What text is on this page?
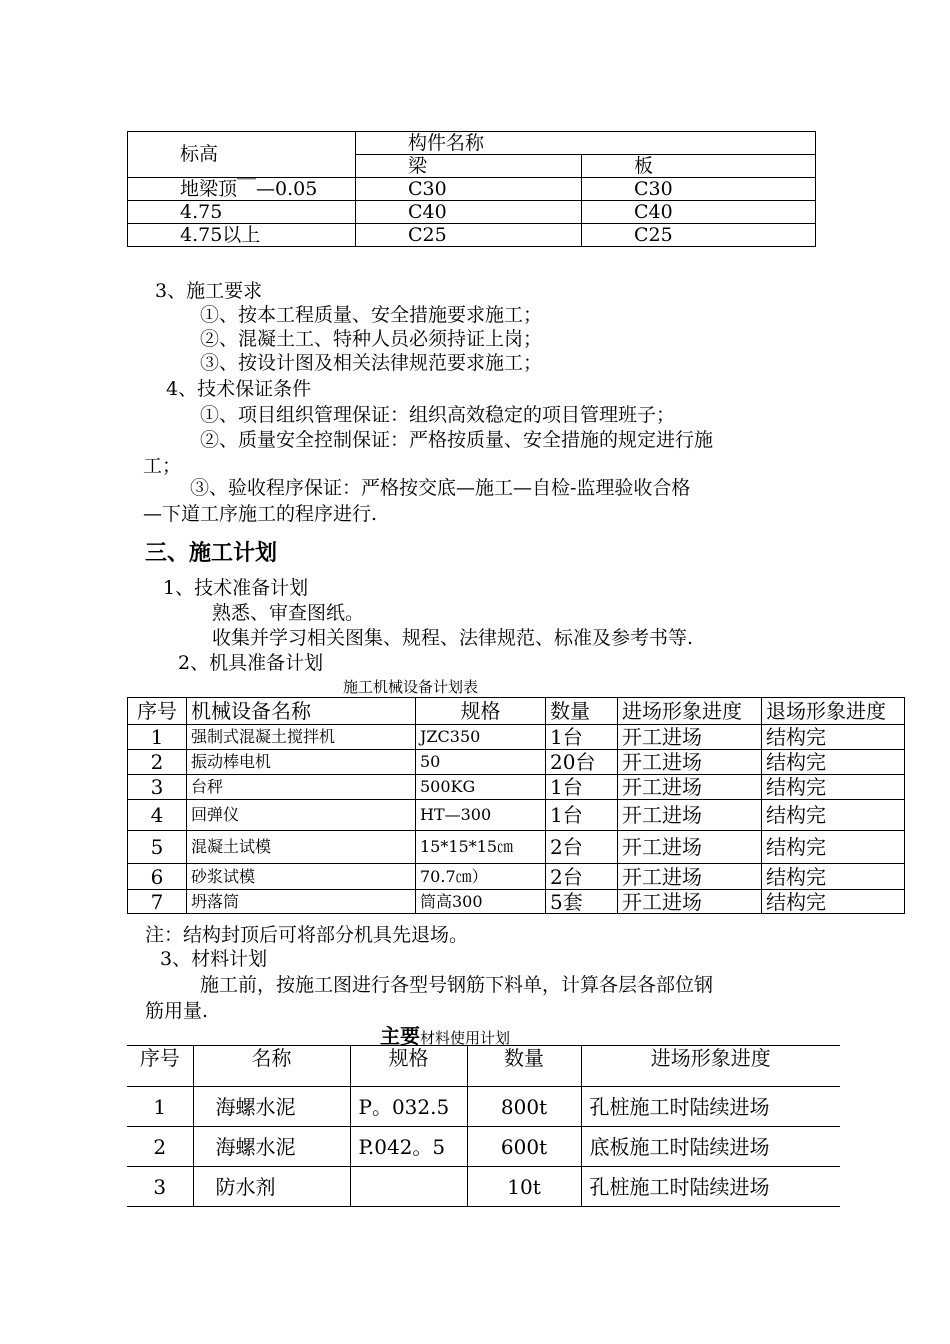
标高	构件名称	
	梁	板
地梁顶￣—0.05	C30	C30
4.75	C40	C40
4.75以上	C25	C25
3、施工要求
①、按本工程质量、安全措施要求施工；
②、混凝土工、特种人员必须持证上岗；
③、按设计图及相关法律规范要求施工；
4、技术保证条件
①、项目组织管理保证：组织高效稳定的项目管理班子；
②、质量安全控制保证：严格按质量、安全措施的规定进行施
工；
③、验收程序保证：严格按交底—施工—自检-监理验收合格
—下道工序施工的程序进行.
三、施工计划
1、技术准备计划
熟悉、审查图纸。
收集并学习相关图集、规程、法律规范、标准及参考书等.
2、机具准备计划
施工机械设备计划表
序号	机械设备名称	规格	数量	进场形象进度	退场形象进度
1	强制式混凝土搅拌机	JZC350	1台	开工进场	结构完
2	振动棒电机	50	20台	开工进场	结构完
3	台秤	500KG	1台	开工进场	结构完
4	回弹仪	HT—300	1台	开工进场	结构完
5	混凝土试模	15*15*15㎝	2台	开工进场	结构完
6	砂浆试模	70.7㎝）	2台	开工进场	结构完
7	坍落筒	筒高300	5套	开工进场	结构完
注：结构封顶后可将部分机具先退场。
3、材料计划
施工前，按施工图进行各型号钢筋下料单，计算各层各部位钢
筋用量.
主要材料使用计划
序号	名称	规格	数量	进场形象进度
1	海螺水泥	P。032.5	800t	孔桩施工时陆续进场
2	海螺水泥	P.042。5	600t	底板施工时陆续进场
3	防水剂		10t	孔桩施工时陆续进场
